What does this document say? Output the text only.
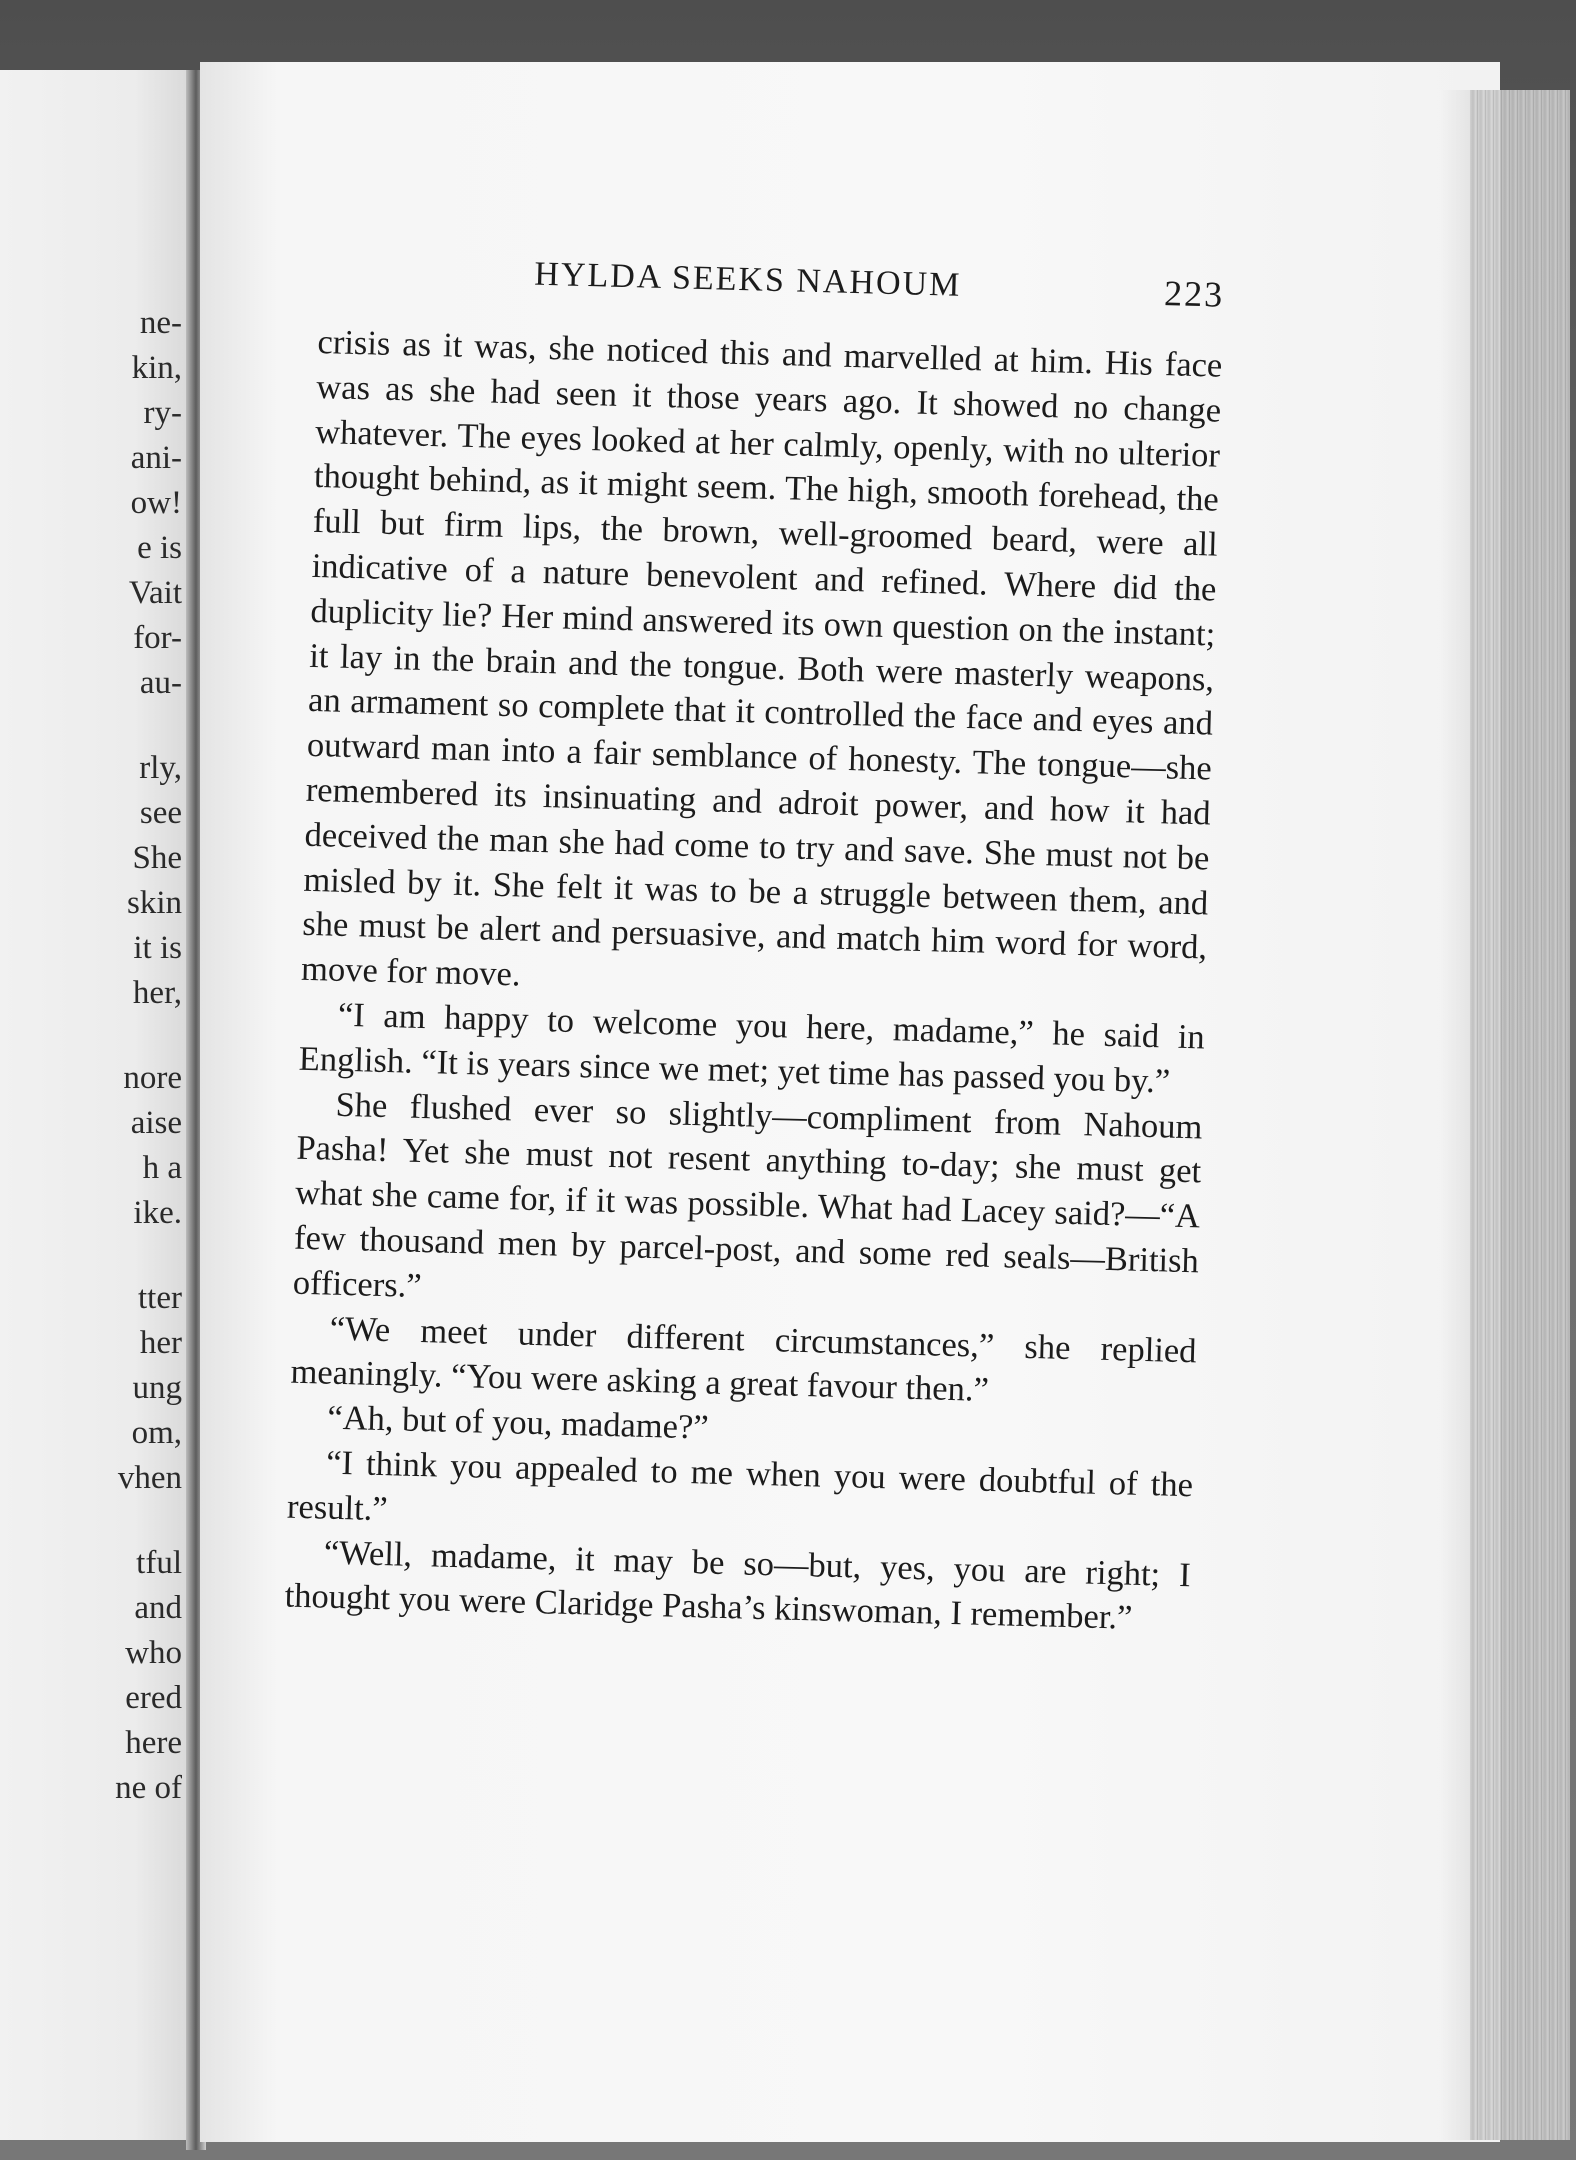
ne-
kin,
ry-
ani-
ow!
e is
Vait
for-
au-
rly,
see
She
skin
it is
her,
nore
aise
h a
ike.
tter
her
ung
om,
vhen
tful
and
who
ered
here
ne of
HYLDA SEEKS NAHOUM	223

crisis as it was, she noticed this and marvelled at him. His face was as she had seen it those years ago. It showed no change whatever. The eyes looked at her calmly, openly, with no ulterior thought behind, as it might seem. The high, smooth forehead, the full but firm lips, the brown, well-groomed beard, were all indicative of a nature benevolent and refined. Where did the duplicity lie? Her mind answered its own question on the instant; it lay in the brain and the tongue. Both were masterly weapons, an armament so complete that it controlled the face and eyes and outward man into a fair semblance of honesty. The tongue—she remembered its insinuating and adroit power, and how it had deceived the man she had come to try and save. She must not be misled by it. She felt it was to be a struggle between them, and she must be alert and persuasive, and match him word for word, move for move.

“I am happy to welcome you here, madame,” he said in English. “It is years since we met; yet time has passed you by.”

She flushed ever so slightly—compliment from Nahoum Pasha! Yet she must not resent anything to-day; she must get what she came for, if it was possible. What had Lacey said?—“A few thousand men by parcel-post, and some red seals—British officers.”

“We meet under different circumstances,” she replied meaningly. “You were asking a great favour then.”

“Ah, but of you, madame?”

“I think you appealed to me when you were doubtful of the result.”

“Well, madame, it may be so—but, yes, you are right; I thought you were Claridge Pasha’s kinswoman, I remember.”
